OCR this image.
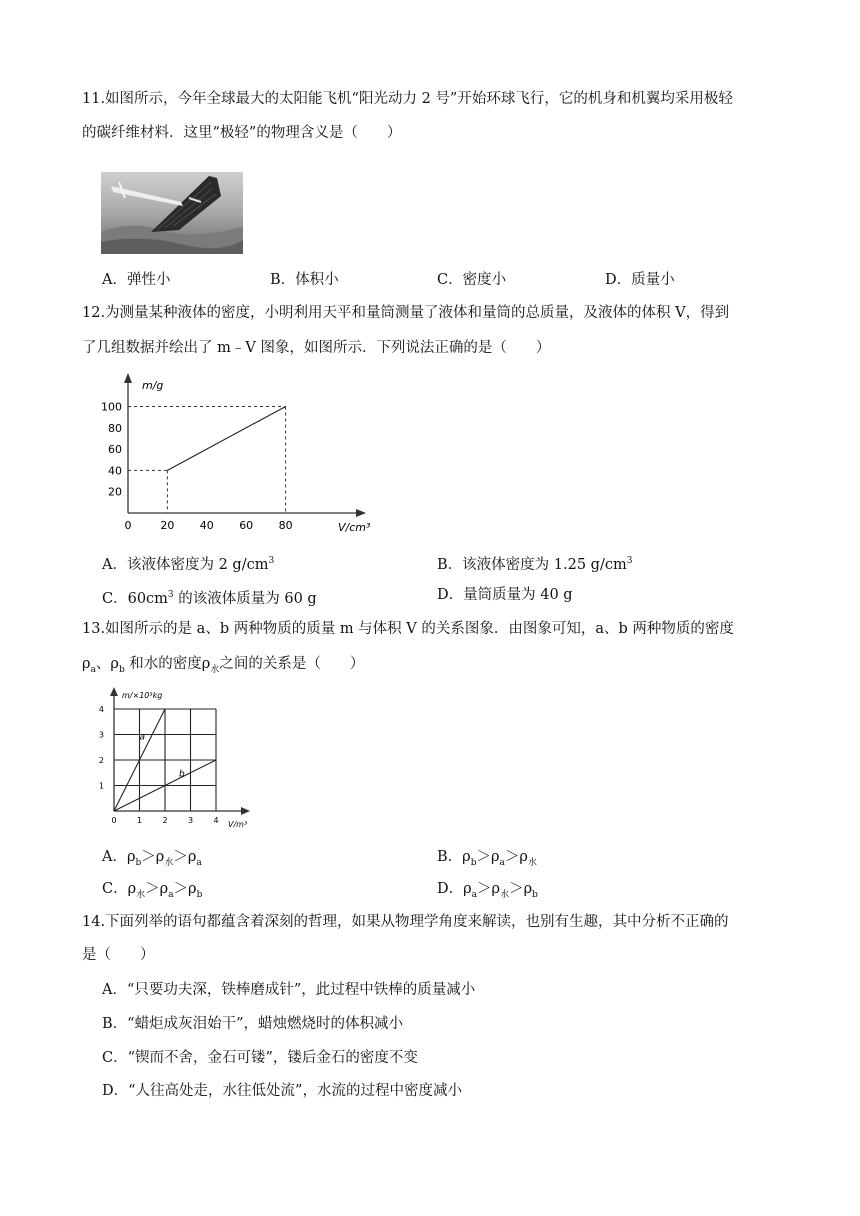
11.如图所示，今年全球最大的太阳能飞机“阳光动力 2 号”开始环球飞行，它的机身和机翼均采用极轻
的碳纤维材料．这里“极轻”的物理含义是（　　）
A．弹性小	B．体积小	C．密度小	D．质量小
12.为测量某种液体的密度，小明利用天平和量筒测量了液体和量筒的总质量，及液体的体积 V，得到
了几组数据并绘出了 m﹣V 图象，如图所示．下列说法正确的是（　　）
m/g
V/cm³
0	20 40 60 80
20
40
60
80
100
A．该液体密度为 2 $g/cm^3$	B．该液体密度为 1.25 $g/cm^3$
C．$60cm^3$ 的该液体质量为 60 g	D．量筒质量为 40 g
13.如图所示的是 a、b 两种物质的质量 m 与体积 V 的关系图象．由图象可知，a、b 两种物质的密度
$\rho_a$、$\rho_b$ 和水的密度$\rho_水$之间的关系是（　　）
m/×10³kg
V/m³
0	1	2	3	4
1
2
3
4
a
b
A．$\rho_b>\rho_水>\rho_a$	B．$\rho_b>\rho_a>\rho_水$
C．$\rho_水>\rho_a>\rho_b$	D．$\rho_a>\rho_水>\rho_b$
14.下面列举的语句都蕴含着深刻的哲理，如果从物理学角度来解读，也别有生趣，其中分析不正确的
是（　　）
A．“只要功夫深，铁棒磨成针”，此过程中铁棒的质量减小
B．“蜡炬成灰泪始干”，蜡烛燃烧时的体积减小
C．“锲而不舍，金石可镂”，镂后金石的密度不变
D．“人往高处走，水往低处流”，水流的过程中密度减小
